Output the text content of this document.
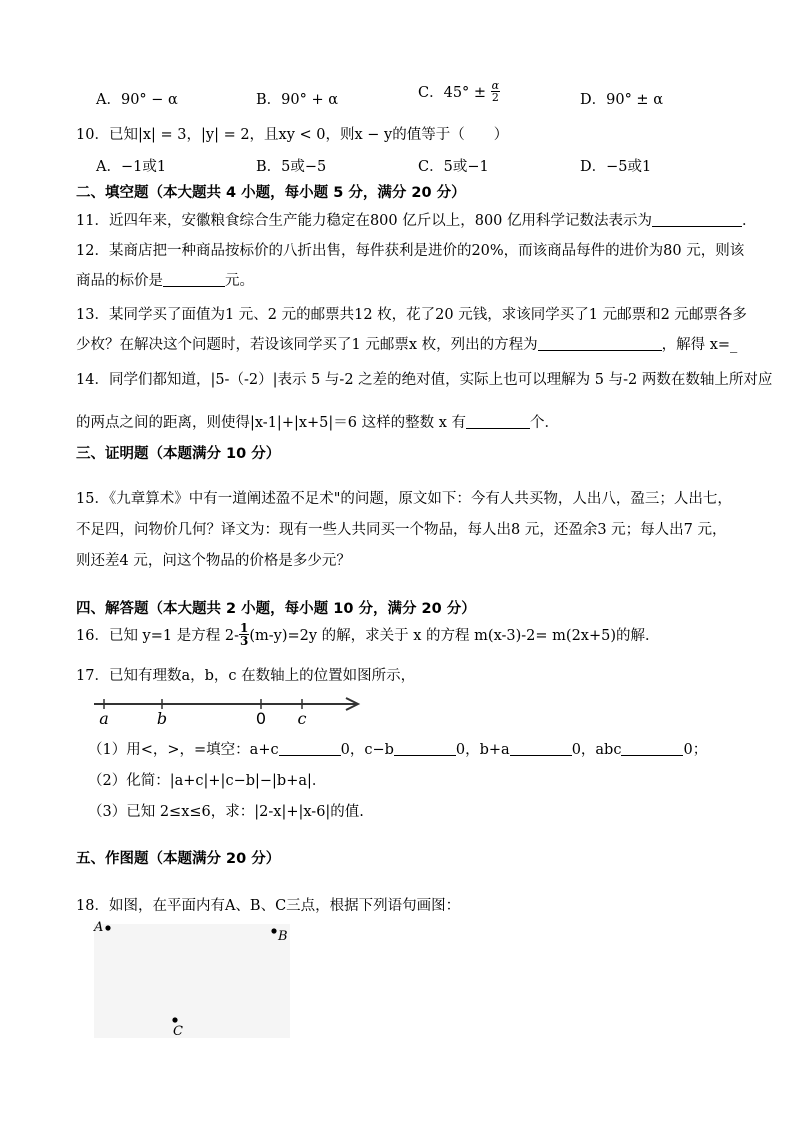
A．90° − α	B．90° + α	C．$45^\circ \pm \frac{\alpha}{2}$	D．90° ± α
10．已知|x| = 3，|y| = 2，且xy < 0，则x − y的值等于（　　）
A．−1或1	B．5或−5	C．5或−1	D．−5或1
二、填空题（本大题共 4 小题，每小题 5 分，满分 20 分）
11．近四年来，安徽粮食综合生产能力稳定在800 亿斤以上，800 亿用科学记数法表示为	．
12．某商店把一种商品按标价的八折出售，每件获利是进价的20%，而该商品每件的进价为80 元，则该
商品的标价是	元。
13．某同学买了面值为1 元、2 元的邮票共12 枚，花了20 元钱，求该同学买了1 元邮票和2 元邮票各多
少枚？在解决这个问题时，若设该同学买了1 元邮票x 枚，列出的方程为	，解得 x=_
14．同学们都知道，|5-（-2）|表示 5 与-2 之差的绝对值，实际上也可以理解为 5 与-2 两数在数轴上所对应
的两点之间的距离，则使得|x-1|+|x+5|＝6 这样的整数 x 有	个．
三、证明题（本题满分 10 分）
15．《九章算术》中有一道阐述盈不足术"的问题，原文如下：今有人共买物，人出八，盈三；人出七，
不足四，问物价几何？译文为：现有一些人共同买一个物品，每人出8 元，还盈余3 元；每人出7 元，
则还差4 元，问这个物品的价格是多少元？
四、解答题（本大题共 2 小题，每小题 10 分，满分 20 分）
16．已知 y=1 是方程 $2- \frac{1}{3} (m-y)=2y$ 的解，求关于 x 的方程 m(x-3)-2= m(2x+5)的解．
17．已知有理数a，b，c 在数轴上的位置如图所示，
a	b	0 c
（1）用<，>，=填空：a+c	0，c−b	0，b+a	0，abc	0；
（2）化简：|a+c|+|c−b|−|b+a|．
（3）已知 2≤x≤6，求：|2-x|+|x-6|的值.
五、作图题（本题满分 20 分）
18．如图，在平面内有A、B、C三点，根据下列语句画图：
A
B
C
